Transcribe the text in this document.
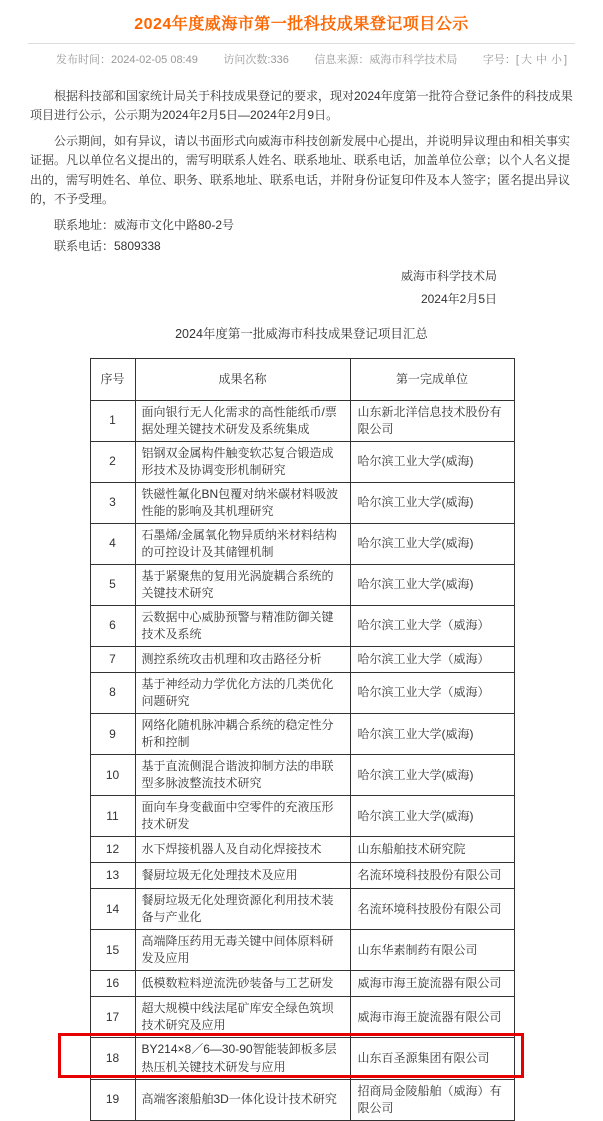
2024年度威海市第一批科技成果登记项目公示
发布时间：2024-02-05 08:49 访问次数:336 信息来源：威海市科学技术局 字号：[ 大 中 小 ]

根据科技部和国家统计局关于科技成果登记的要求，现对2024年度第一批符合登记条件的科技成果项目进行公示，公示期为2024年2月5日—2024年2月9日。

公示期间，如有异议，请以书面形式向威海市科技创新发展中心提出，并说明异议理由和相关事实证据。凡以单位名义提出的，需写明联系人姓名、联系地址、联系电话，加盖单位公章；以个人名义提出的，需写明姓名、单位、职务、联系地址、联系电话，并附身份证复印件及本人签字；匿名提出异议的，不予受理。

联系地址：威海市文化中路80-2号

联系电话：5809338

威海市科学技术局
2024年2月5日
2024年度第一批威海市科技成果登记项目汇总
序号	成果名称	第一完成单位
1	面向银行无人化需求的高性能纸币/票据处理关键技术研发及系统集成	山东新北洋信息技术股份有限公司
2	铝钢双金属构件触变软芯复合锻造成形技术及协调变形机制研究	哈尔滨工业大学(威海)
3	铁磁性氟化BN包覆对纳米碳材料吸波性能的影响及其机理研究	哈尔滨工业大学(威海)
4	石墨烯/金属氧化物异质纳米材料结构的可控设计及其储锂机制	哈尔滨工业大学(威海)
5	基于紧聚焦的复用光涡旋耦合系统的关键技术研究	哈尔滨工业大学(威海)
6	云数据中心威胁预警与精准防御关键技术及系统	哈尔滨工业大学（威海）
7	测控系统攻击机理和攻击路径分析	哈尔滨工业大学（威海）
8	基于神经动力学优化方法的几类优化问题研究	哈尔滨工业大学（威海）
9	网络化随机脉冲耦合系统的稳定性分析和控制	哈尔滨工业大学(威海)
10	基于直流侧混合谐波抑制方法的串联型多脉波整流技术研究	哈尔滨工业大学(威海)
11	面向车身变截面中空零件的充液压形技术研发	哈尔滨工业大学(威海)
12	水下焊接机器人及自动化焊接技术	山东船舶技术研究院
13	餐厨垃圾无化处理技术及应用	名流环境科技股份有限公司
14	餐厨垃圾无化处理资源化利用技术装备与产业化	名流环境科技股份有限公司
15	高端降压药用无毒关键中间体原料研发及应用	山东华素制药有限公司
16	低模数粒料逆流洗砂装备与工艺研发	威海市海王旋流器有限公司
17	超大规模中线法尾矿库安全绿色筑坝技术研究及应用	威海市海王旋流器有限公司
18	BY214×8／6—30-90智能装卸板多层热压机关键技术研发与应用	山东百圣源集团有限公司
19	高端客滚船舶3D一体化设计技术研究	招商局金陵船舶（威海）有限公司
